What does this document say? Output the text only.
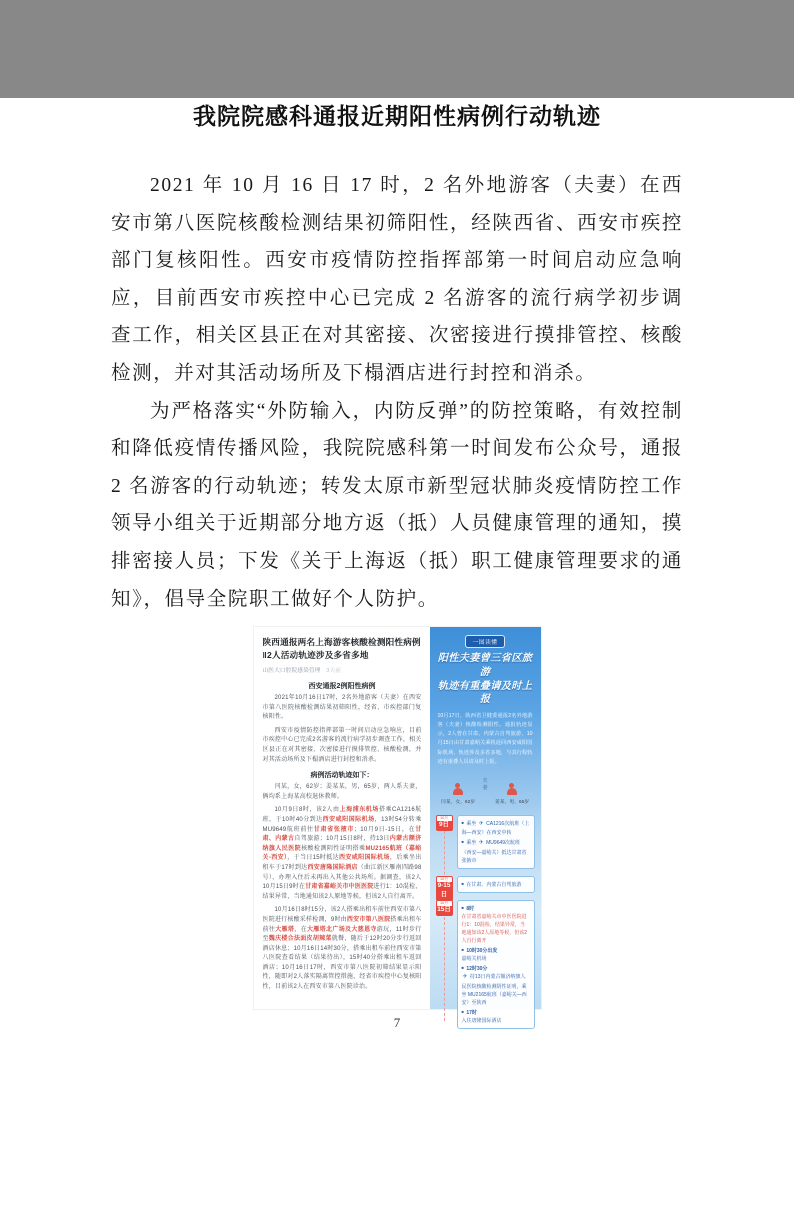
我院院感科通报近期阳性病例行动轨迹

2021 年 10 月 16 日 17 时，2 名外地游客（夫妻）在西安市第八医院核酸检测结果初筛阳性，经陕西省、西安市疾控部门复核阳性。西安市疫情防控指挥部第一时间启动应急响应，目前西安市疾控中心已完成 2 名游客的流行病学初步调查工作，相关区县正在对其密接、次密接进行摸排管控、核酸检测，并对其活动场所及下榻酒店进行封控和消杀。

为严格落实“外防输入，内防反弹”的防控策略，有效控制和降低疫情传播风险，我院院感科第一时间发布公众号，通报 2 名游客的行动轨迹；转发太原市新型冠状肺炎疫情防控工作领导小组关于近期部分地方返（抵）人员健康管理的通知，摸排密接人员；下发《关于上海返（抵）职工健康管理要求的通知》，倡导全院职工做好个人防护。

陕西通报两名上海游客核酸检测阳性病例‖2人活动轨迹涉及多省多地
山医大口腔院感染管理 3天前
西安通报2例阳性病例

2021年10月16日17时，2名外地游客（夫妻）在西安市第八医院核酸检测结果初筛阳性，经省、市疾控部门复核阳性。

西安市疫情防控指挥部第一时间启动应急响应，目前市疾控中心已完成2名游客的流行病学初步调查工作，相关区县正在对其密接、次密接进行摸排管控、核酸检测，并对其活动场所及下榻酒店进行封控和消杀。

病例活动轨迹如下：

闫某，女，62岁；姜某某，男，65岁，两人系夫妻，俩均系上海某高校退休教师。

10月9日8时，该2人由上海浦东机场搭乘CA1216航班，于10时40分到达西安咸阳国际机场，13时54分转乘MU9649航班前往甘肃省张掖市；10月9日-15日，在甘肃、内蒙古自驾旅游；10月15日8时，持13日内蒙古额济纳旗人民医院核酸检测阴性证明搭乘MU2165航班（嘉峪关-西安），于当日15时抵达西安咸阳国际机场，后乘坐出租车于17时到达西安唐隆国际酒店（曲江新区雁南四路98号），办理入住后未再出入其他公共场所。据调查，该2人10月15日9时在甘肃省嘉峪关市中医医院进行1：10混检，结果异常，当地通知该2人原地等候，但该2人自行离开。

10月16日8时15分，该2人搭乘出租车前往西安市第八医院进行核酸采样检测，9时由西安市第八医院搭乘出租车前往大雁塔，在大雁塔北广场及大慈恩寺游玩，11时步行至魏庆楼合法面皮胡辣菜就餐，随后于12时20分步行返回酒店休息；10月16日14时30分，搭乘出租车前往西安市第八医院查看结果（结果待出），15时40分搭乘出租车返回酒店；10月16日17时，西安市第八医院初筛结果显示阳性，随即对2人落实隔离管控措施，经省市疾控中心复核阳性，目前该2人在西安市第八医院诊治。

一图读懂
阳性夫妻曾三省区旅游
轨迹有重叠请及时上报

10月17日，陕西省卫健委通报2名外地游客（夫妻）核酸检测阳性。通报轨迹显示，2人曾在甘肃、内蒙古自驾旅游，10月15日由甘肃嘉峪关乘机返回西安咸阳国际机场，轨迹涉及多省多地，与其行程轨迹有重叠人员请及时上报。

闫某，女，62岁
夫妻
姜某，男，65岁
10月
9日	■ 乘坐 ✈ CA1216次航班（上海—西安）在西安中转
■ 乘坐 ✈ MU9649次航班（西安—嘉峪关）抵达甘肃省张掖市
10月
9-15日
■ 在甘肃、内蒙古自驾旅游
10月
15日	■ 8时
在甘肃省嘉峪关市中医医院进行1：10混检，结果异常，当地通知该2人原地等候，但该2人自行离开
■ 10时30分出发
嘉峪关机场
■ 12时30分
✈ 持13日内蒙古额济纳旗人民医院核酸检测阴性证明，乘坐 MU2165航班（嘉峪关—西安）至陕西
■ 17时
入住唐隆国际酒店
7
